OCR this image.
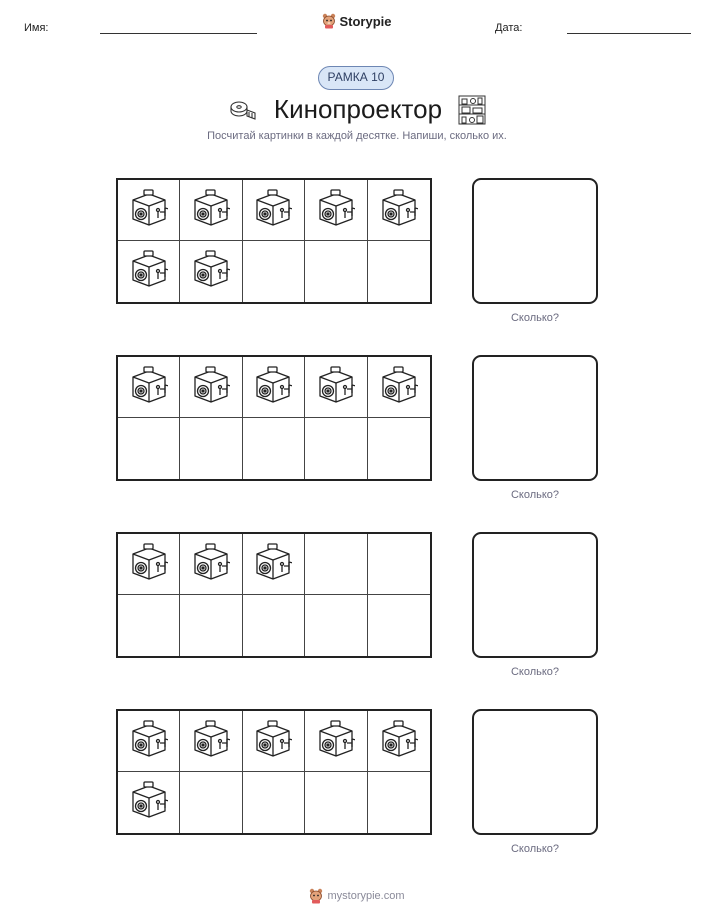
Имя:	Storypie	Дата:
РАМКА 10
Кинопроектор
Посчитай картинки в каждой десятке. Напиши, сколько их.
Сколько?
Сколько?
Сколько?
Сколько?
mystorypie.com
